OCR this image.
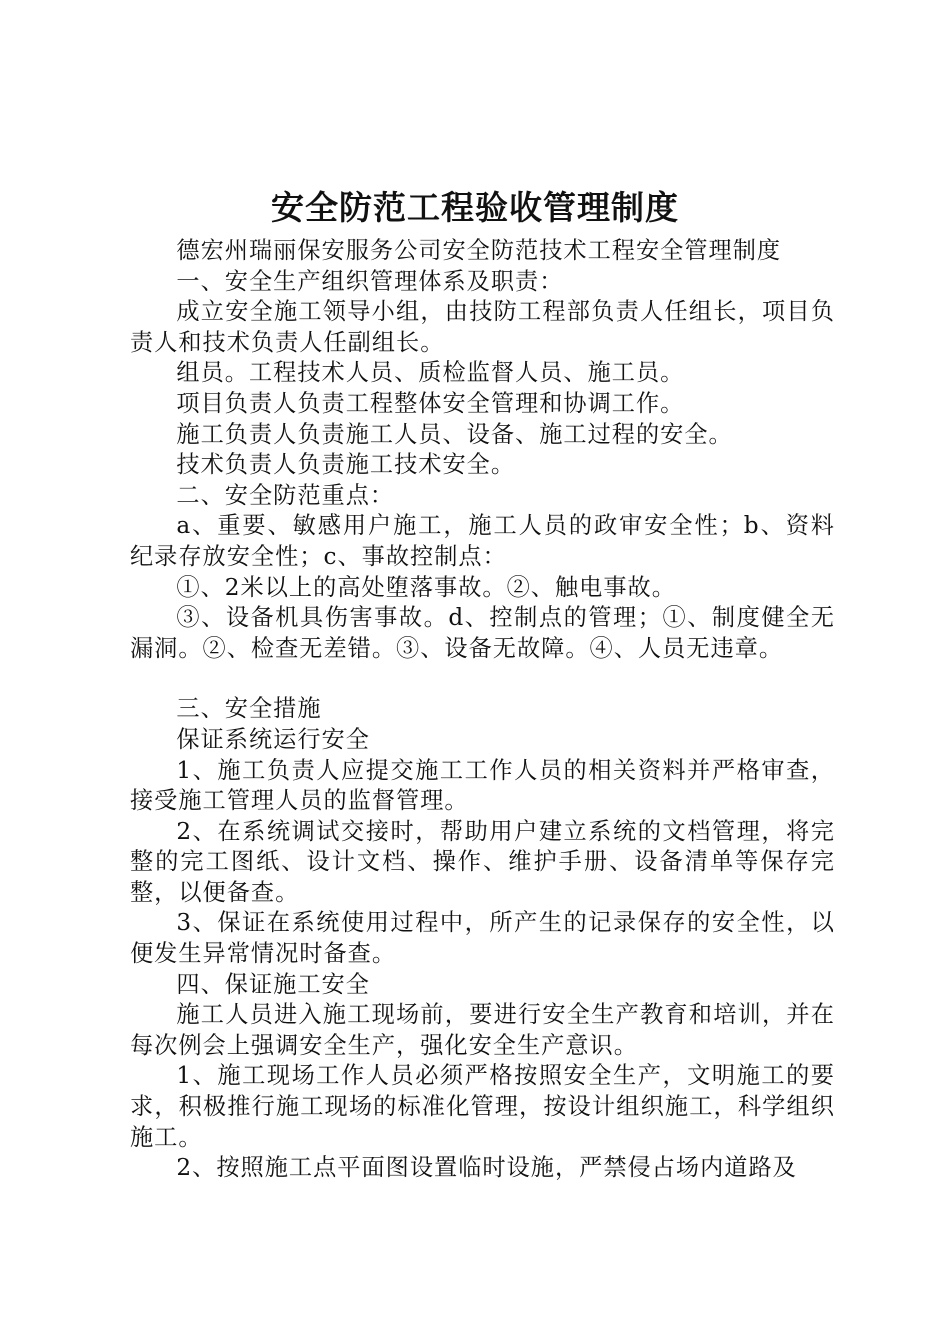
安全防范工程验收管理制度

德宏州瑞丽保安服务公司安全防范技术工程安全管理制度

一、安全生产组织管理体系及职责：

成立安全施工领导小组，由技防工程部负责人任组长，项目负责人和技术负责人任副组长。

组员。工程技术人员、质检监督人员、施工员。

项目负责人负责工程整体安全管理和协调工作。

施工负责人负责施工人员、设备、施工过程的安全。

技术负责人负责施工技术安全。

二、安全防范重点：

a、重要、敏感用户施工，施工人员的政审安全性；b、资料纪录存放安全性；c、事故控制点：

①、2米以上的高处堕落事故。②、触电事故。

③、设备机具伤害事故。d、控制点的管理；①、制度健全无漏洞。②、检查无差错。③、设备无故障。④、人员无违章。

三、安全措施

保证系统运行安全

1、施工负责人应提交施工工作人员的相关资料并严格审查，接受施工管理人员的监督管理。

2、在系统调试交接时，帮助用户建立系统的文档管理，将完整的完工图纸、设计文档、操作、维护手册、设备清单等保存完整，以便备查。

3、保证在系统使用过程中，所产生的记录保存的安全性，以便发生异常情况时备查。

四、保证施工安全

施工人员进入施工现场前，要进行安全生产教育和培训，并在每次例会上强调安全生产，强化安全生产意识。

1、施工现场工作人员必须严格按照安全生产，文明施工的要求，积极推行施工现场的标准化管理，按设计组织施工，科学组织施工。

2、按照施工点平面图设置临时设施，严禁侵占场内道路及
